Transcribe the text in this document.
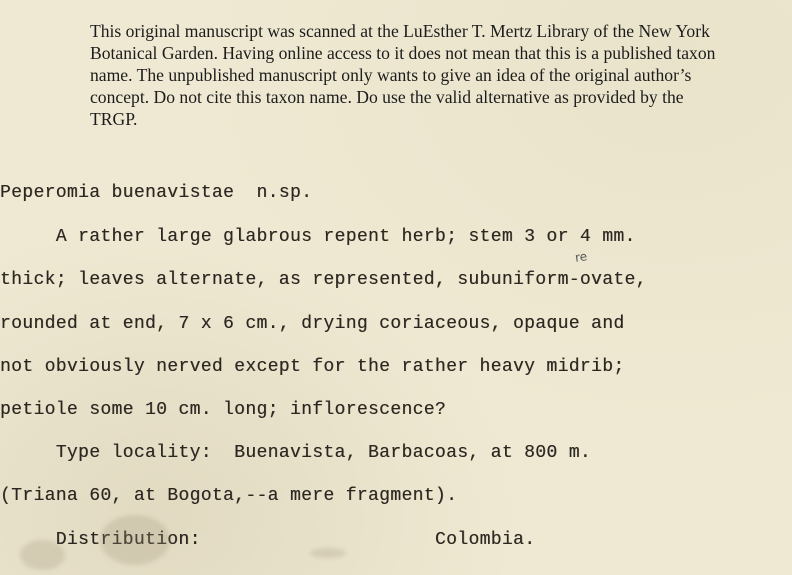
This original manuscript was scanned at the LuEsther T. Mertz Library of the New York Botanical Garden. Having online access to it does not mean that this is a published taxon name. The unpublished manuscript only wants to give an idea of the original author’s concept. Do not cite this taxon name. Do use the valid alternative as provided by the TRGP.

Peperomia buenavistae  n.sp.

A rather large glabrous repent herb; stem 3 or 4 mm.

thick; leaves alternate, as represented, subuniform-ovate,

rounded at end, 7 x 6 cm., drying coriaceous, opaque and

not obviously nerved except for the rather heavy midrib;

petiole some 10 cm. long; inflorescence?

Type locality:  Buenavista, Barbacoas, at 800 m.

(Triana 60, at Bogota,--a mere fragment).

Distribution:	Colombia.

re
